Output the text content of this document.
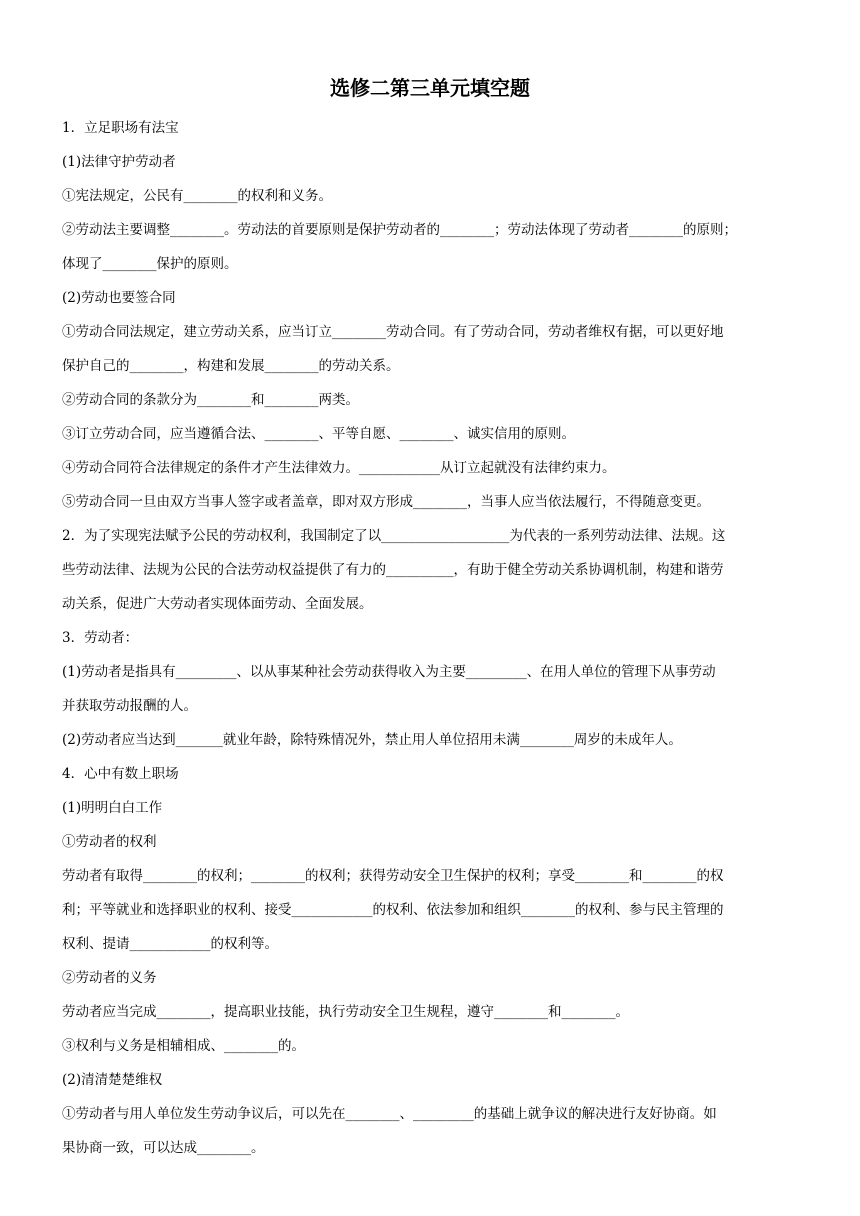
选修二第三单元填空题
1．立足职场有法宝
(1)法律守护劳动者
①宪法规定，公民有________的权利和义务。
②劳动法主要调整________。劳动法的首要原则是保护劳动者的________；劳动法体现了劳动者________的原则；
体现了________保护的原则。
(2)劳动也要签合同
①劳动合同法规定，建立劳动关系，应当订立________劳动合同。有了劳动合同，劳动者维权有据，可以更好地
保护自己的________，构建和发展________的劳动关系。
②劳动合同的条款分为________和________两类。
③订立劳动合同，应当遵循合法、________、平等自愿、________、诚实信用的原则。
④劳动合同符合法律规定的条件才产生法律效力。____________从订立起就没有法律约束力。
⑤劳动合同一旦由双方当事人签字或者盖章，即对双方形成________，当事人应当依法履行，不得随意变更。
2．为了实现宪法赋予公民的劳动权利，我国制定了以___________________为代表的一系列劳动法律、法规。这
些劳动法律、法规为公民的合法劳动权益提供了有力的__________，有助于健全劳动关系协调机制，构建和谐劳
动关系，促进广大劳动者实现体面劳动、全面发展。
3．劳动者：
(1)劳动者是指具有_________、以从事某种社会劳动获得收入为主要_________、在用人单位的管理下从事劳动
并获取劳动报酬的人。
(2)劳动者应当达到_______就业年龄，除特殊情况外，禁止用人单位招用未满________周岁的未成年人。
4．心中有数上职场
(1)明明白白工作
①劳动者的权利
劳动者有取得________的权利；________的权利；获得劳动安全卫生保护的权利；享受________和________的权
利；平等就业和选择职业的权利、接受____________的权利、依法参加和组织________的权利、参与民主管理的
权利、提请____________的权利等。
②劳动者的义务
劳动者应当完成________，提高职业技能，执行劳动安全卫生规程，遵守________和________。
③权利与义务是相辅相成、________的。
(2)清清楚楚维权
①劳动者与用人单位发生劳动争议后，可以先在________、_________的基础上就争议的解决进行友好协商。如
果协商一致，可以达成________。
